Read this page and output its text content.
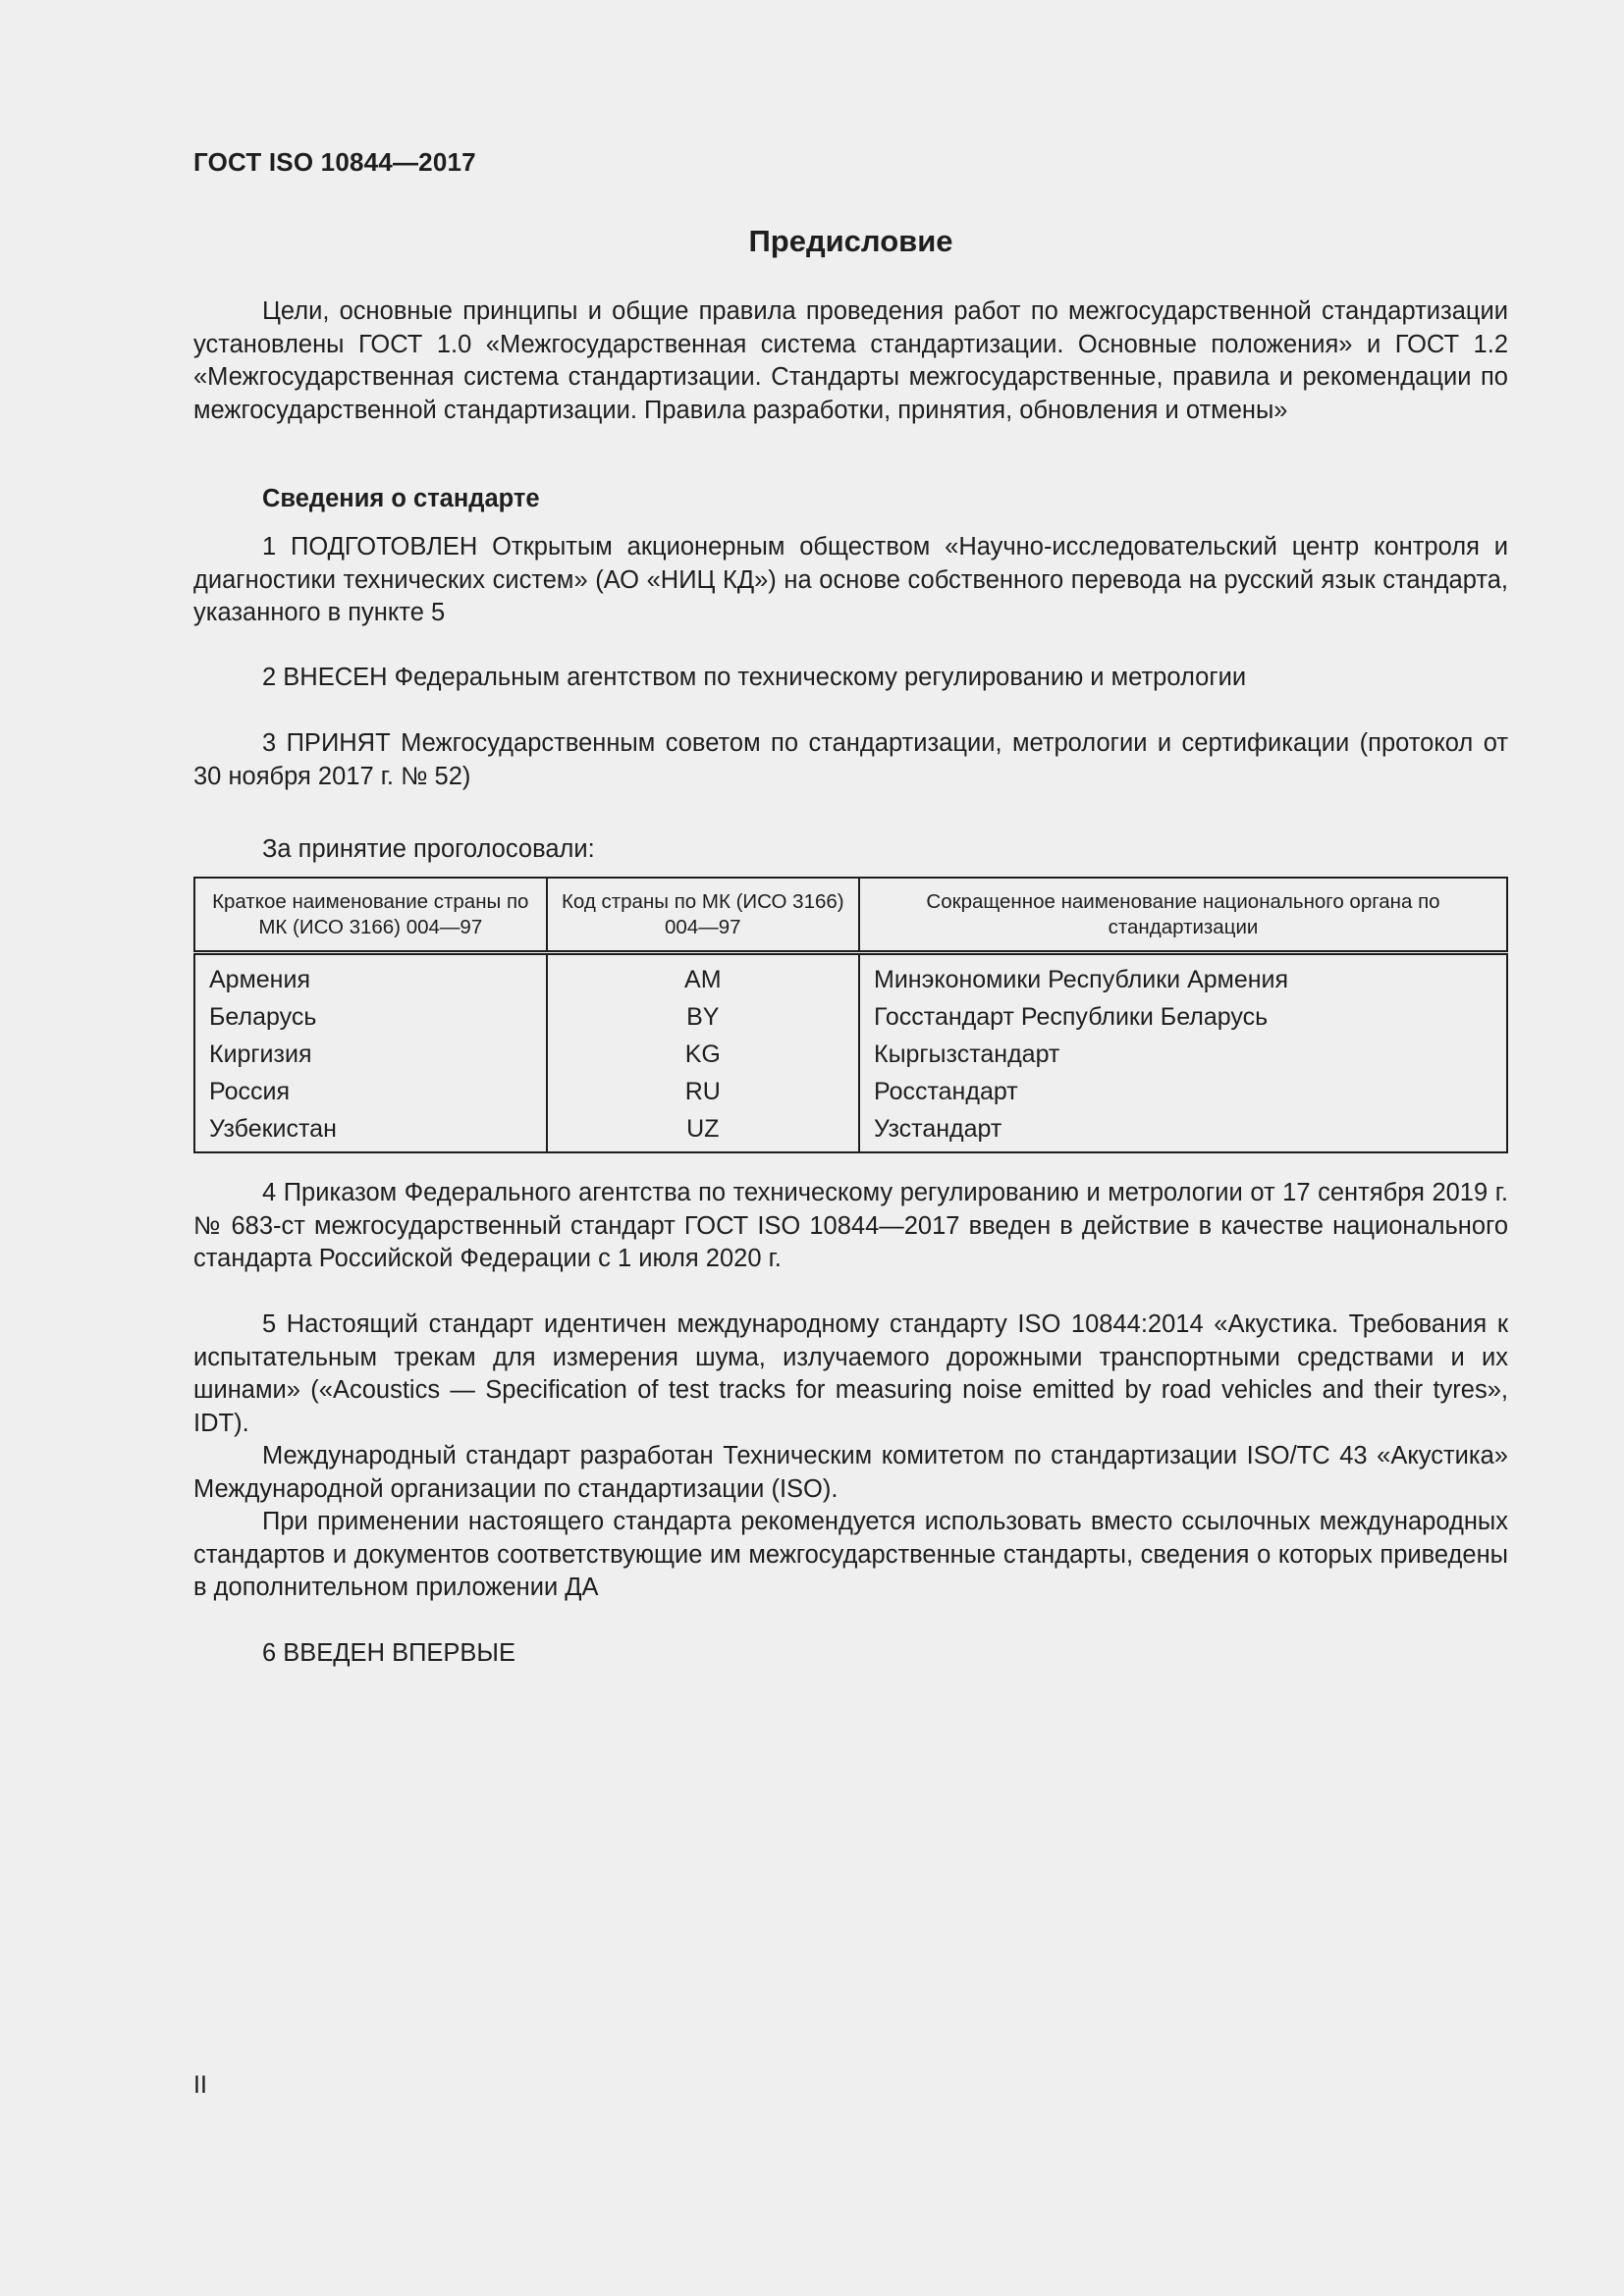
ГОСТ ISO 10844—2017
Предисловие

Цели, основные принципы и общие правила проведения работ по межгосударственной стандартизации установлены ГОСТ 1.0 «Межгосударственная система стандартизации. Основные положения» и ГОСТ 1.2 «Межгосударственная система стандартизации. Стандарты межгосударственные, правила и рекомендации по межгосударственной стандартизации. Правила разработки, принятия, обновления и отмены»

Сведения о стандарте

1 ПОДГОТОВЛЕН Открытым акционерным обществом «Научно-исследовательский центр контроля и диагностики технических систем» (АО «НИЦ КД») на основе собственного перевода на русский язык стандарта, указанного в пункте 5

2 ВНЕСЕН Федеральным агентством по техническому регулированию и метрологии

3 ПРИНЯТ Межгосударственным советом по стандартизации, метрологии и сертификации (протокол от 30 ноября 2017 г. № 52)

За принятие проголосовали:

Краткое наименование страны по МК (ИСО 3166) 004—97	Код страны по МК (ИСО 3166) 004—97	Сокращенное наименование национального органа по стандартизации
Армения	AM	Минэкономики Республики Армения
Беларусь	BY	Госстандарт Республики Беларусь
Киргизия	KG	Кыргызстандарт
Россия	RU	Росстандарт
Узбекистан	UZ	Узстандарт

4 Приказом Федерального агентства по техническому регулированию и метрологии от 17 сентября 2019 г. № 683-ст межгосударственный стандарт ГОСТ ISO 10844—2017 введен в действие в качестве национального стандарта Российской Федерации с 1 июля 2020 г.

5 Настоящий стандарт идентичен международному стандарту ISO 10844:2014 «Акустика. Требования к испытательным трекам для измерения шума, излучаемого дорожными транспортными средствами и их шинами» («Acoustics — Specification of test tracks for measuring noise emitted by road vehicles and their tyres», IDT).

Международный стандарт разработан Техническим комитетом по стандартизации ISO/TC 43 «Акустика» Международной организации по стандартизации (ISO).

При применении настоящего стандарта рекомендуется использовать вместо ссылочных международных стандартов и документов соответствующие им межгосударственные стандарты, сведения о которых приведены в дополнительном приложении ДА

6 ВВЕДЕН ВПЕРВЫЕ

II
